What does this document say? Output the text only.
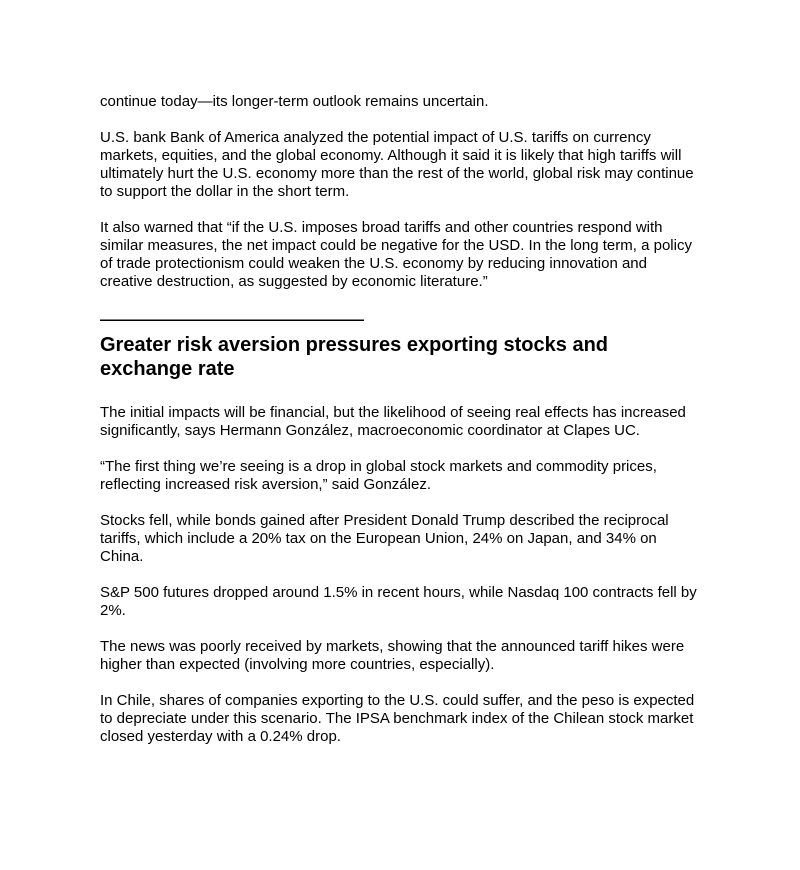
continue today—its longer-term outlook remains uncertain.

U.S. bank Bank of America analyzed the potential impact of U.S. tariffs on currency markets, equities, and the global economy. Although it said it is likely that high tariffs will ultimately hurt the U.S. economy more than the rest of the world, global risk may continue to support the dollar in the short term.

It also warned that “if the U.S. imposes broad tariffs and other countries respond with similar measures, the net impact could be negative for the USD. In the long term, a policy of trade protectionism could weaken the U.S. economy by reducing innovation and creative destruction, as suggested by economic literature.”

————————————
Greater risk aversion pressures exporting stocks and exchange rate

The initial impacts will be financial, but the likelihood of seeing real effects has increased significantly, says Hermann González, macroeconomic coordinator at Clapes UC.

“The first thing we’re seeing is a drop in global stock markets and commodity prices, reflecting increased risk aversion,” said González.

Stocks fell, while bonds gained after President Donald Trump described the reciprocal tariffs, which include a 20% tax on the European Union, 24% on Japan, and 34% on China.

S&P 500 futures dropped around 1.5% in recent hours, while Nasdaq 100 contracts fell by 2%.

The news was poorly received by markets, showing that the announced tariff hikes were higher than expected (involving more countries, especially).

In Chile, shares of companies exporting to the U.S. could suffer, and the peso is expected to depreciate under this scenario. The IPSA benchmark index of the Chilean stock market closed yesterday with a 0.24% drop.
